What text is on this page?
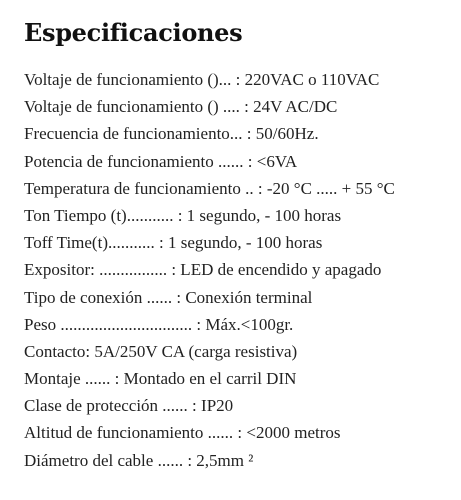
Especificaciones
Voltaje de funcionamiento ()... : 220VAC o 110VAC
Voltaje de funcionamiento () .... : 24V AC/DC
Frecuencia de funcionamiento... : 50/60Hz.
Potencia de funcionamiento ...... : <6VA
Temperatura de funcionamiento .. : -20 °C ..... + 55 °C
Ton Tiempo (t)........... : 1 segundo, - 100 horas
Toff Time(t)........... : 1 segundo, - 100 horas
Expositor: ................ : LED de encendido y apagado
Tipo de conexión ...... : Conexión terminal
Peso ............................... : Máx.<100gr.
Contacto: 5A/250V CA (carga resistiva)
Montaje ...... : Montado en el carril DIN
Clase de protección ...... : IP20
Altitud de funcionamiento ...... : <2000 metros
Diámetro del cable ...... : 2,5mm ²
